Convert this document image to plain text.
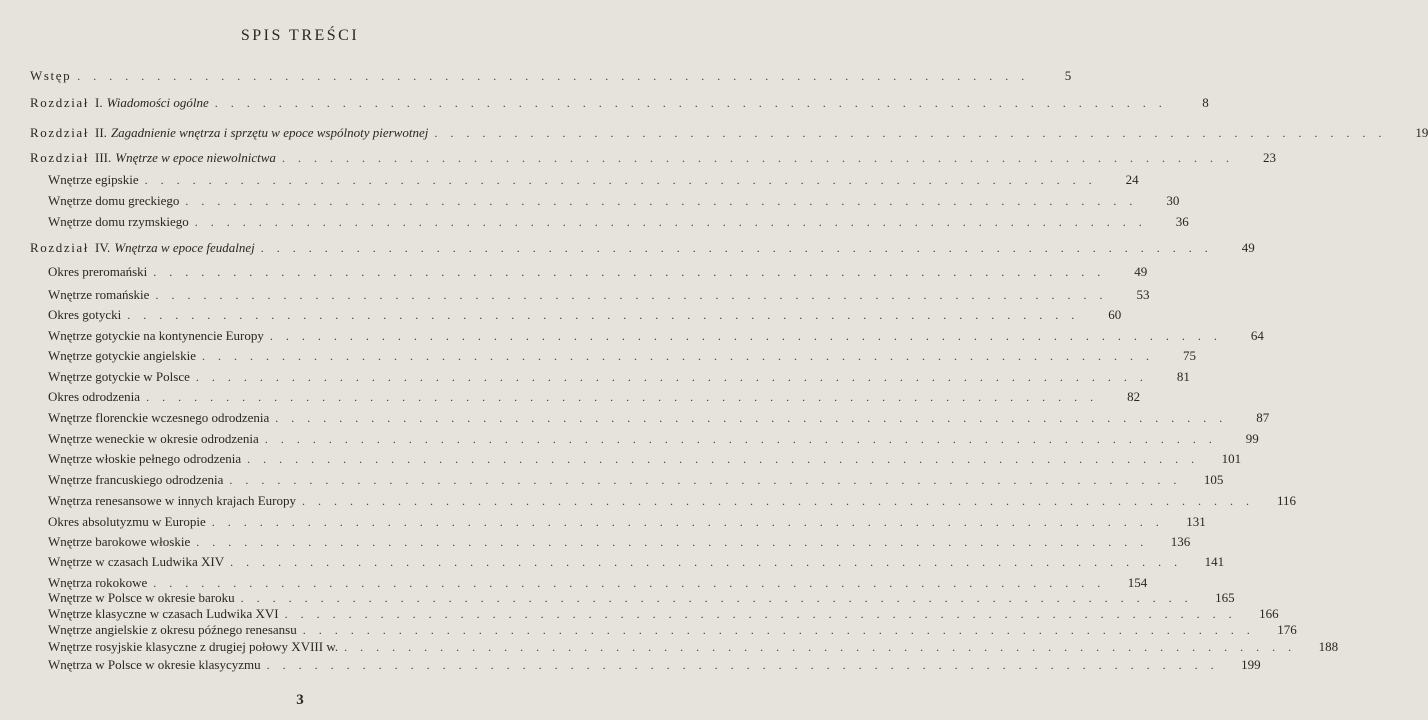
SPIS TREŚCI
Wstęp ............................................................	5
Rozdział I. Wiadomości ogólne ............................................................	8
Rozdział II. Zagadnienie wnętrza i sprzętu w epoce wspólnoty pierwotnej ............................................................	19
Rozdział III. Wnętrze w epoce niewolnictwa ............................................................	23
Wnętrze egipskie ............................................................	24
Wnętrze domu greckiego ............................................................	30
Wnętrze domu rzymskiego ............................................................	36
Rozdział IV. Wnętrza w epoce feudalnej ............................................................	49
Okres preromański ............................................................	49
Wnętrze romańskie ............................................................	53
Okres gotycki ............................................................	60
Wnętrze gotyckie na kontynencie Europy ............................................................	64
Wnętrze gotyckie angielskie ............................................................	75
Wnętrze gotyckie w Polsce ............................................................	81
Okres odrodzenia ............................................................	82
Wnętrze florenckie wczesnego odrodzenia ............................................................	87
Wnętrze weneckie w okresie odrodzenia ............................................................	99
Wnętrze włoskie pełnego odrodzenia ............................................................	101
Wnętrze francuskiego odrodzenia ............................................................	105
Wnętrza renesansowe w innych krajach Europy ............................................................	116
Okres absolutyzmu w Europie ............................................................	131
Wnętrze barokowe włoskie ............................................................	136
Wnętrze w czasach Ludwika XIV ............................................................	141
Wnętrza rokokowe ............................................................	154
Wnętrze w Polsce w okresie baroku ............................................................	165
Wnętrze klasyczne w czasach Ludwika XVI ............................................................	166
Wnętrze angielskie z okresu późnego renesansu ............................................................	176
Wnętrze rosyjskie klasyczne z drugiej połowy XVIII w. ............................................................	188
Wnętrza w Polsce w okresie klasycyzmu ............................................................	199
3
